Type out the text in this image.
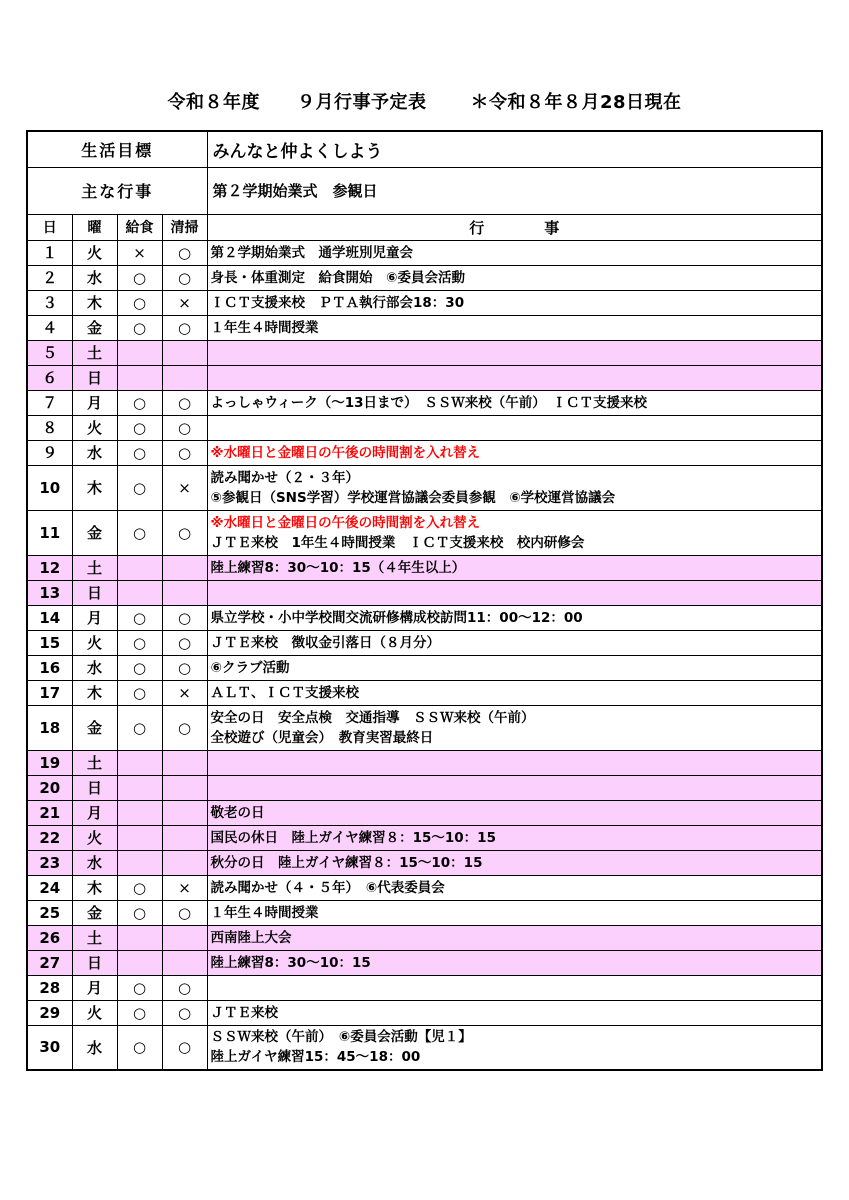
令和８年度　　９月行事予定表 ＊令和８年８月28日現在
生活目標				みんなと仲よくしよう
主な行事				第２学期始業式　参観日
日	曜	給食	清掃	行　　　　事
１	火	×	○	第２学期始業式　通学班別児童会

２	水	○	○	身長・体重測定　給食開始　⑥委員会活動

３	木	○	×	ＩＣＴ支援来校　ＰＴＡ執行部会18：30

４	金	○	○	１年生４時間授業

５	土			
６	日			
７	月	○	○	よっしゃウィーク（～13日まで）　ＳＳＷ来校（午前）　ＩＣＴ支援来校

８	火	○	○	
９	水	○	○	※水曜日と金曜日の午後の時間割を入れ替え

10	木	○	×	読み聞かせ（２・３年）
⑤参観日（SNS学習）学校運営協議会委員参観　⑥学校運営協議会

11	金	○	○	※水曜日と金曜日の午後の時間割を入れ替え
ＪＴＥ来校　1年生４時間授業　ＩＣＴ支援来校　校内研修会

12	土			陸上練習8：30～10：15（４年生以上）

13	日			
14	月	○	○	県立学校・小中学校間交流研修構成校訪問11：00～12：00

15	火	○	○	ＪＴＥ来校　徴収金引落日（８月分）

16	水	○	○	⑥クラブ活動

17	木	○	×	ＡＬＴ、ＩＣＴ支援来校

18	金	○	○	安全の日　安全点検　交通指導　ＳＳＷ来校（午前）
全校遊び（児童会）　教育実習最終日

19	土			
20	日			
21	月			敬老の日

22	火			国民の休日　陸上ガイヤ練習８：15～10：15

23	水			秋分の日　陸上ガイヤ練習８：15～10：15

24	木	○	×	読み聞かせ（４・５年）　⑥代表委員会

25	金	○	○	１年生４時間授業

26	土			西南陸上大会

27	日			陸上練習8：30～10：15

28	月	○	○	
29	火	○	○	ＪＴＥ来校

30	水	○	○	ＳＳＷ来校（午前）　⑥委員会活動【児１】
陸上ガイヤ練習15：45～18：00
